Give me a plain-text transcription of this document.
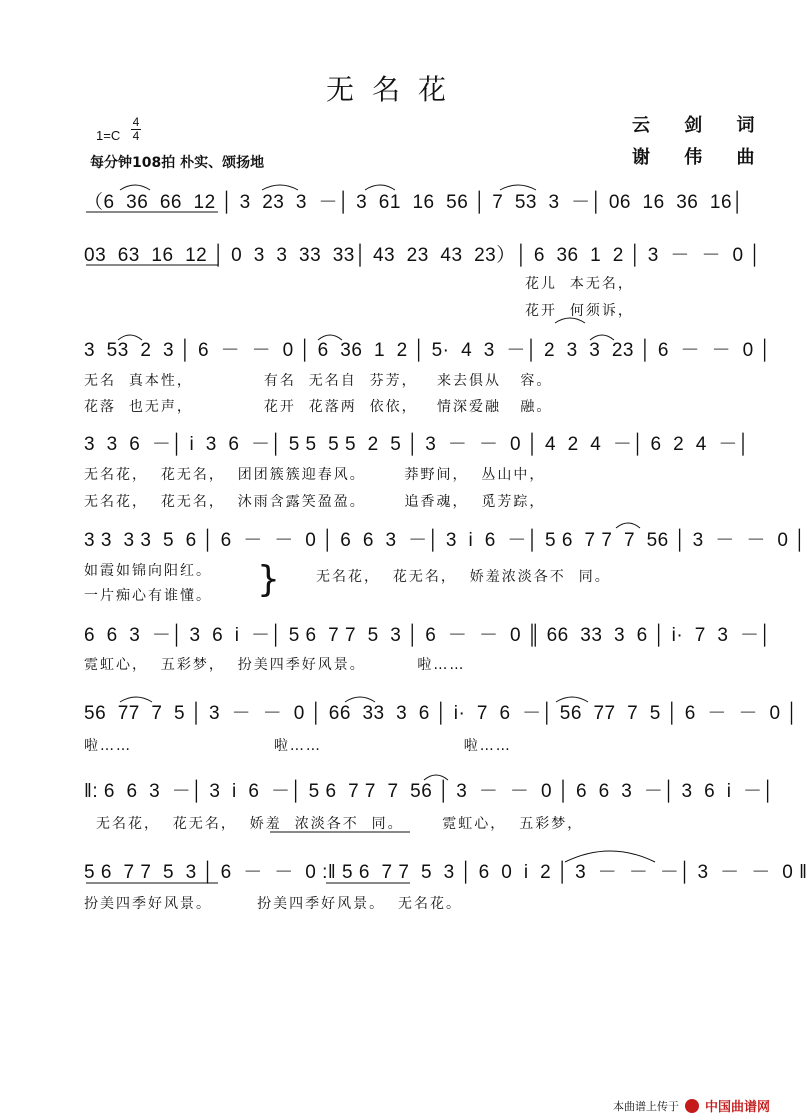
无名花
云 剑 词
谢 伟 曲
1=C
4
4
每分钟108拍 朴实、颂扬地
（6  36  66  12 │ 3  23  3  －│ 3  61  16  56 │ 7  53  3  －│ 06  16  36  16│
03  63  16  12 │ 0  3  3  33  33│ 43  23  43  23）│ 6  36  1  2 │ 3  －  －  0 │
花儿  本无名，
花开  何须诉，
3  53  2  3 │ 6  －  －  0 │ 6  36  1  2 │ 5·  4  3  －│ 2  3  3  23 │ 6  －  －  0 │
无名  真本性，           有名  无名自  芬芳，   来去俱从   容。
花落  也无声，           花开  花落两  依依，   情深爱融   融。
3  3  6  －│ i  3  6  －│ 5 5  5 5  2  5 │ 3  －  －  0 │ 4  2  4  －│ 6  2  4  －│
无名花，  花无名，  团团簇簇迎春风。      莽野间，  丛山中，
无名花，  花无名，  沐雨含露笑盈盈。      追香魂，  觅芳踪，
3 3  3 3  5  6 │ 6  －  －  0 │ 6  6  3  －│ 3  i  6  －│ 5 6  7 7  7  56 │ 3  －  －  0 │
如霞如锦向阳红。
一片痴心有谁懂。 }	无名花，  花无名，  娇羞浓淡各不  同。
6  6  3  －│ 3  6  i  －│ 5 6  7 7  5  3 │ 6  －  －  0 ║ 66  33  3  6 │ i·  7  3  －│
霓虹心，  五彩梦，  扮美四季好风景。        啦……
56  77  7  5 │ 3  －  －  0 │ 66  33  3  6 │ i·  7  6  －│ 56  77  7  5 │ 6  －  －  0 │
啦……                      啦……                      啦……
‖: 6  6  3  －│ 3  i  6  －│ 5 6  7 7  7  56 │ 3  －  －  0 │ 6  6  3  －│ 3  6  i  －│
无名花，  花无名，  娇羞  浓淡各不  同。      霓虹心，  五彩梦，
5 6  7 7  5  3 │ 6  －  －  0 :‖ 5 6  7 7  5  3 │ 6  0  i  2 │ 3  －  －  －│ 3  －  －  0 ‖
扮美四季好风景。       扮美四季好风景。  无名花。
本曲谱上传于 中国曲谱网
